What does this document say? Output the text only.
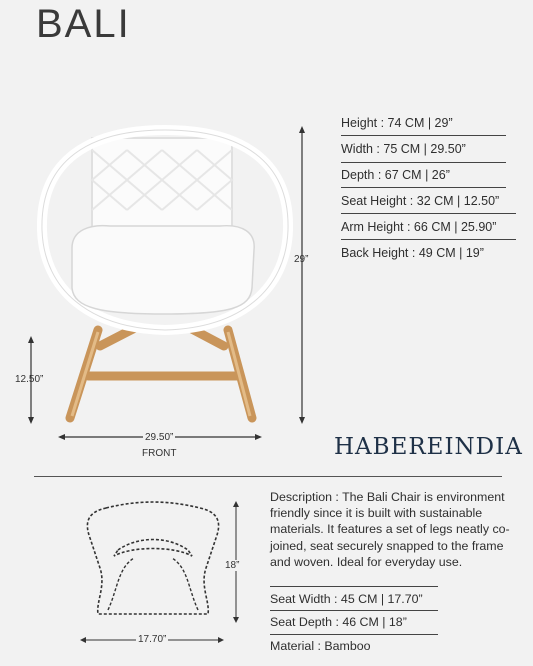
BALI
29”
12.50”
29.50”
FRONT
Height : 74 CM | 29”
Width : 75 CM | 29.50”
Depth : 67 CM | 26”
Seat Height : 32 CM | 12.50”
Arm Height : 66 CM | 25.90”
Back Height : 49 CM | 19”
HABEREINDIA
18”
17.70”
Description : The Bali Chair is environment friendly since it is built with sustainable materials. It features a set of legs neatly co-joined, seat securely snapped to the frame and woven. Ideal for everyday use.
Seat Width : 45 CM | 17.70”
Seat Depth : 46 CM | 18”
Material : Bamboo
